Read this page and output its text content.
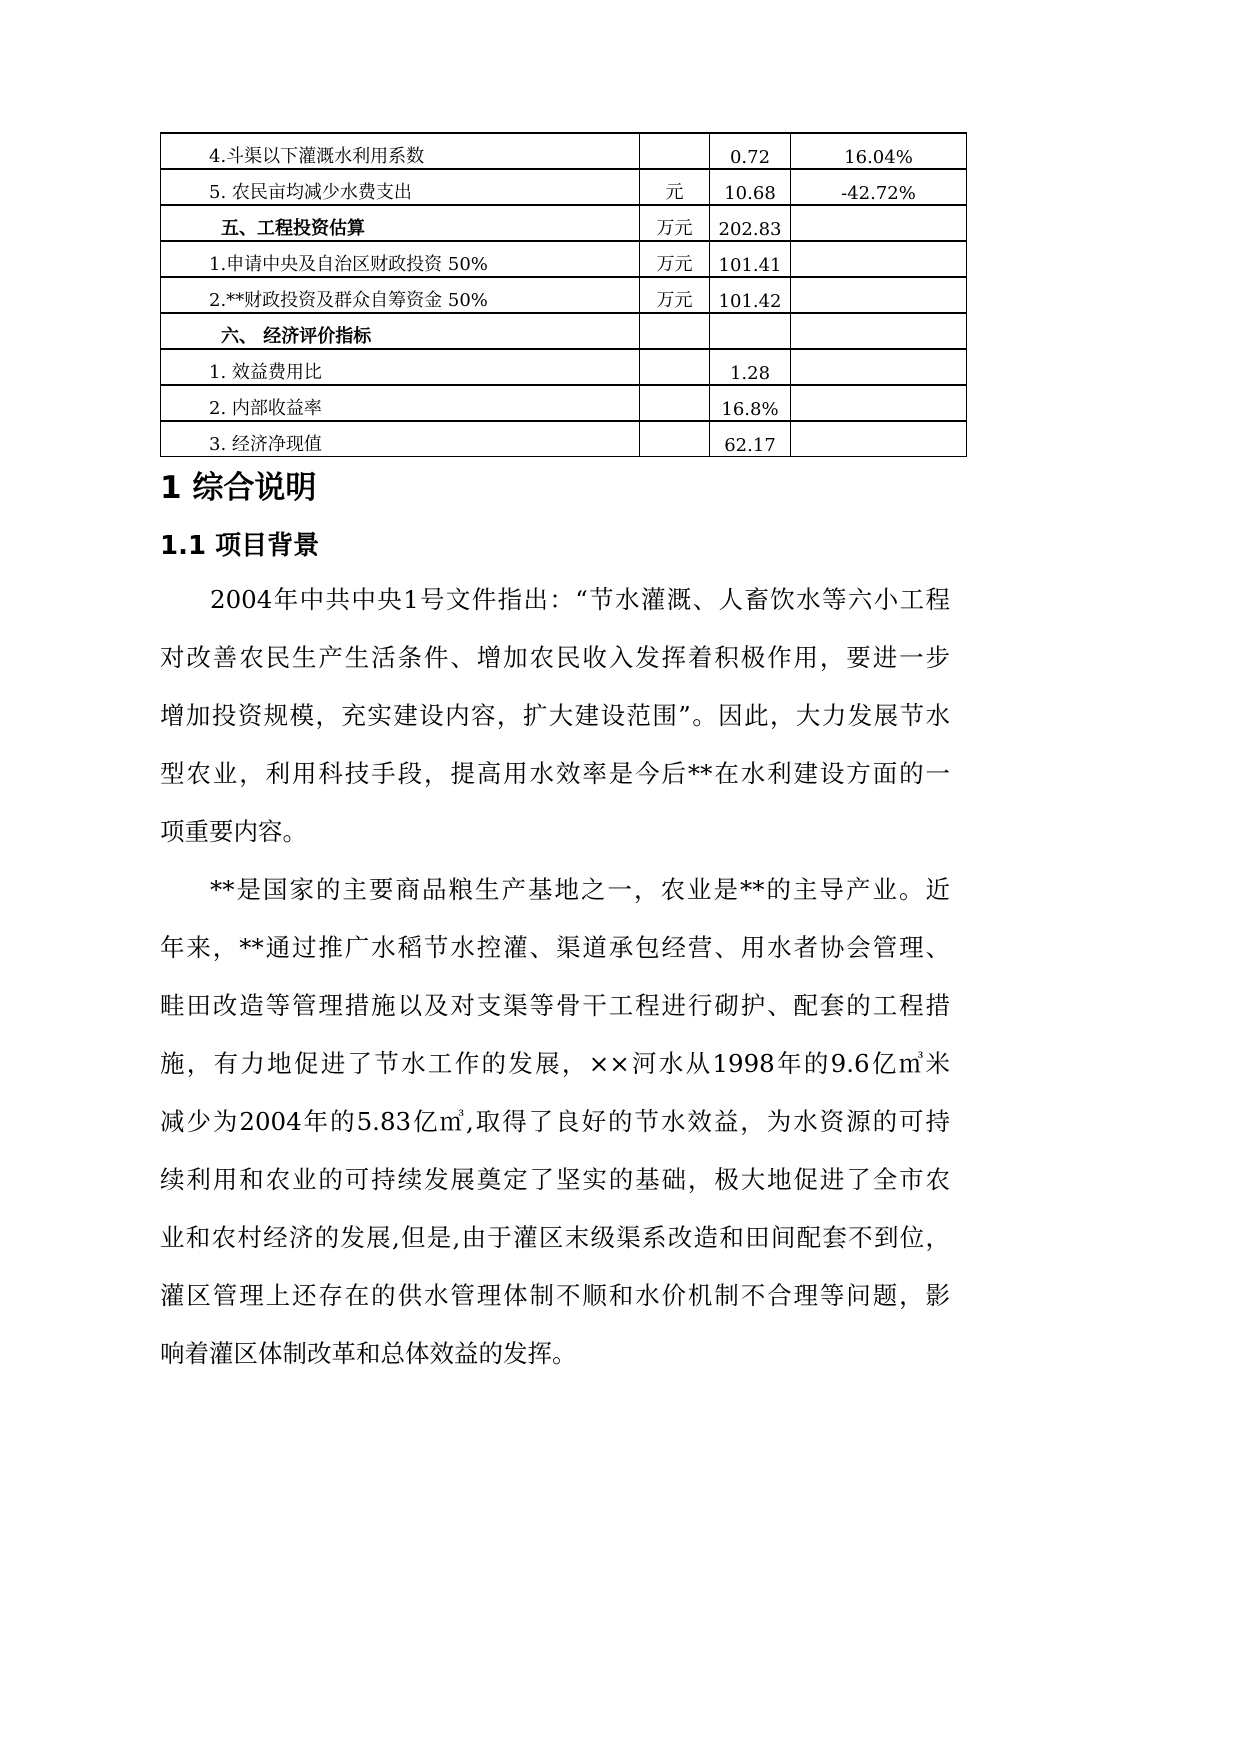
4.斗渠以下灌溉水利用系数		0.72	16.04%
5. 农民亩均减少水费支出	元	10.68	-42.72%
五、工程投资估算	万元	202.83	
1.申请中央及自治区财政投资 50%	万元	101.41	
2.**财政投资及群众自筹资金 50%	万元	101.42	
六、 经济评价指标			
1. 效益费用比		1.28	
2. 内部收益率		16.8%	
3. 经济净现值		62.17	
1 综合说明
1.1 项目背景
2004年中共中央1号文件指出：“节水灌溉、人畜饮水等六小工程
对改善农民生产生活条件、增加农民收入发挥着积极作用，要进一步
增加投资规模，充实建设内容，扩大建设范围”。因此，大力发展节水
型农业，利用科技手段，提高用水效率是今后**在水利建设方面的一
项重要内容。
**是国家的主要商品粮生产基地之一，农业是**的主导产业。近
年来，**通过推广水稻节水控灌、渠道承包经营、用水者协会管理、
畦田改造等管理措施以及对支渠等骨干工程进行砌护、配套的工程措
施，有力地促进了节水工作的发展，××河水从1998年的9.6亿㎥米
减少为2004年的5.83亿㎥,取得了良好的节水效益，为水资源的可持
续利用和农业的可持续发展奠定了坚实的基础，极大地促进了全市农
业和农村经济的发展,但是,由于灌区末级渠系改造和田间配套不到位，
灌区管理上还存在的供水管理体制不顺和水价机制不合理等问题，影
响着灌区体制改革和总体效益的发挥。
